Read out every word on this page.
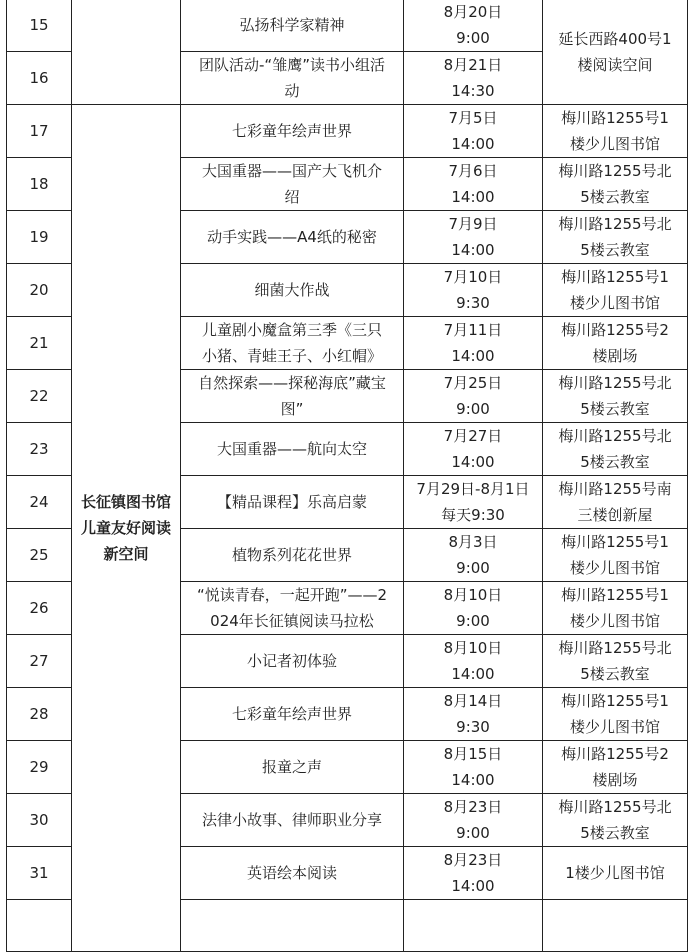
15		弘扬科学家精神	8月20日
9:00	延长西路400号1
楼阅读空间

16		团队活动-“雏鹰”读书小组活
动	8月21日
14:30	

17	长征镇图书馆儿童友好阅读新空间	七彩童年绘声世界	7月5日
14:00	梅川路1255号1
楼少儿图书馆

18		大国重器——国产大飞机介
绍	7月6日
14:00	梅川路1255号北
5楼云教室

19		动手实践——A4纸的秘密	7月9日
14:00	梅川路1255号北
5楼云教室

20		细菌大作战	7月10日
9:30	梅川路1255号1
楼少儿图书馆

21		儿童剧小魔盒第三季《三只
小猪、青蛙王子、小红帽》	7月11日
14:00	梅川路1255号2
楼剧场

22		自然探索——探秘海底”藏宝
图”	7月25日
9:00	梅川路1255号北
5楼云教室

23		大国重器——航向太空	7月27日
14:00	梅川路1255号北
5楼云教室

24		【精品课程】乐高启蒙	7月29日-8月1日
每天9:30	梅川路1255号南
三楼创新屋

25		植物系列花花世界	8月3日
9:00	梅川路1255号1
楼少儿图书馆

26		“悦读青春，一起开跑”——2
024年长征镇阅读马拉松	8月10日
9:00	梅川路1255号1
楼少儿图书馆

27		小记者初体验	8月10日
14:00	梅川路1255号北
5楼云教室

28		七彩童年绘声世界	8月14日
9:30	梅川路1255号1
楼少儿图书馆

29		报童之声	8月15日
14:00	梅川路1255号2
楼剧场

30		法律小故事、律师职业分享	8月23日
9:00	梅川路1255号北
5楼云教室

31		英语绘本阅读	8月23日
14:00	1楼少儿图书馆
